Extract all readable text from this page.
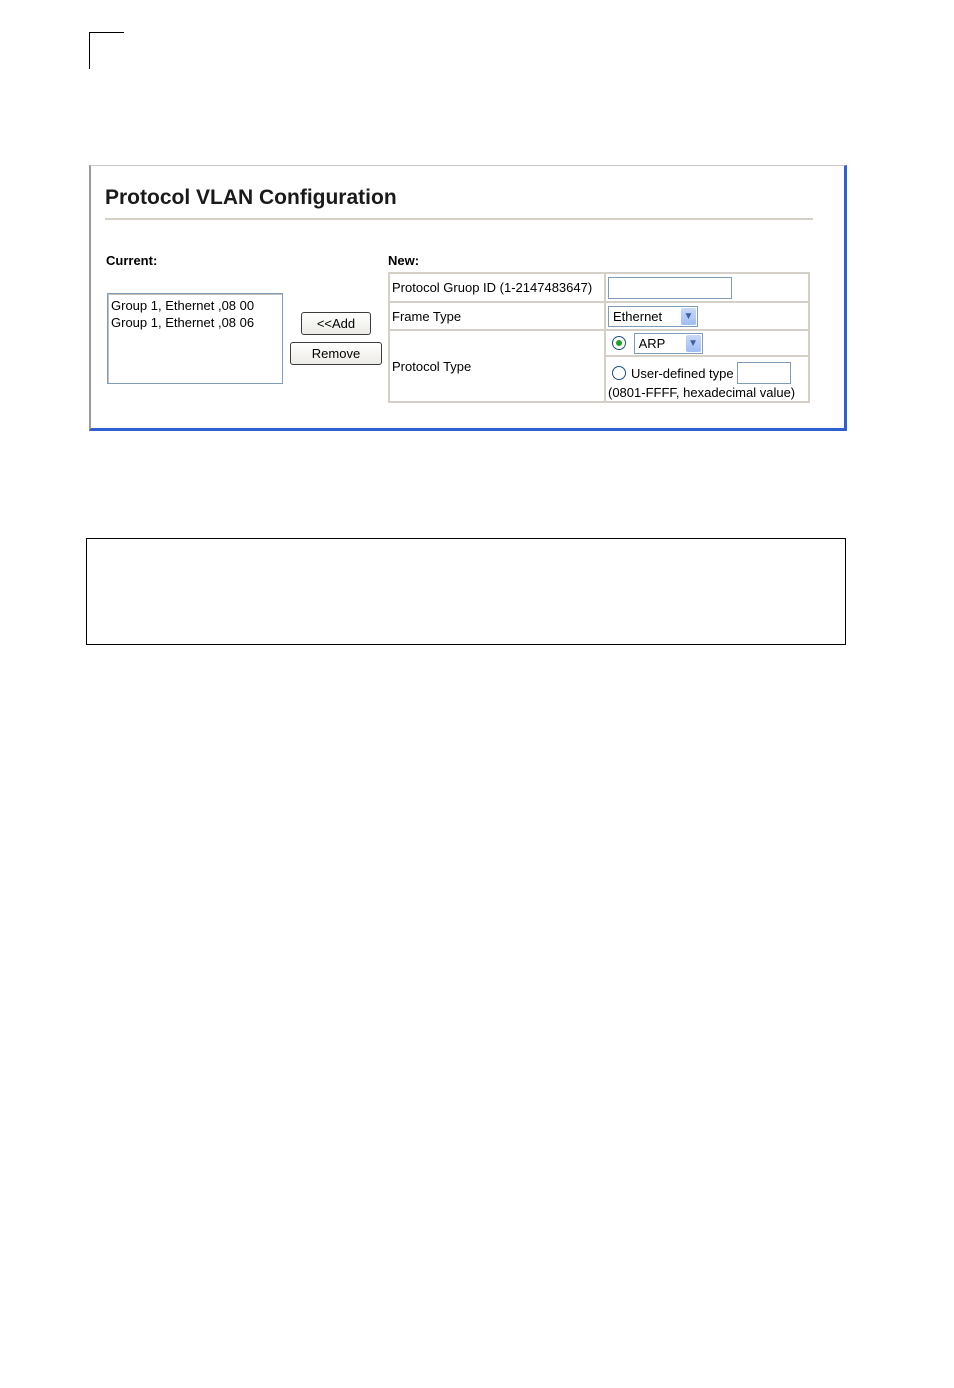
Protocol VLAN Configuration
Current:	New:
Group 1, Ethernet ,08 00
Group 1, Ethernet ,08 06	<<Add
Remove
Protocol Gruop ID (1-2147483647)	
Frame Type	Ethernet ▼

Protocol Type	ARP ▼

	User-defined type
(0801-FFFF, hexadecimal value)
